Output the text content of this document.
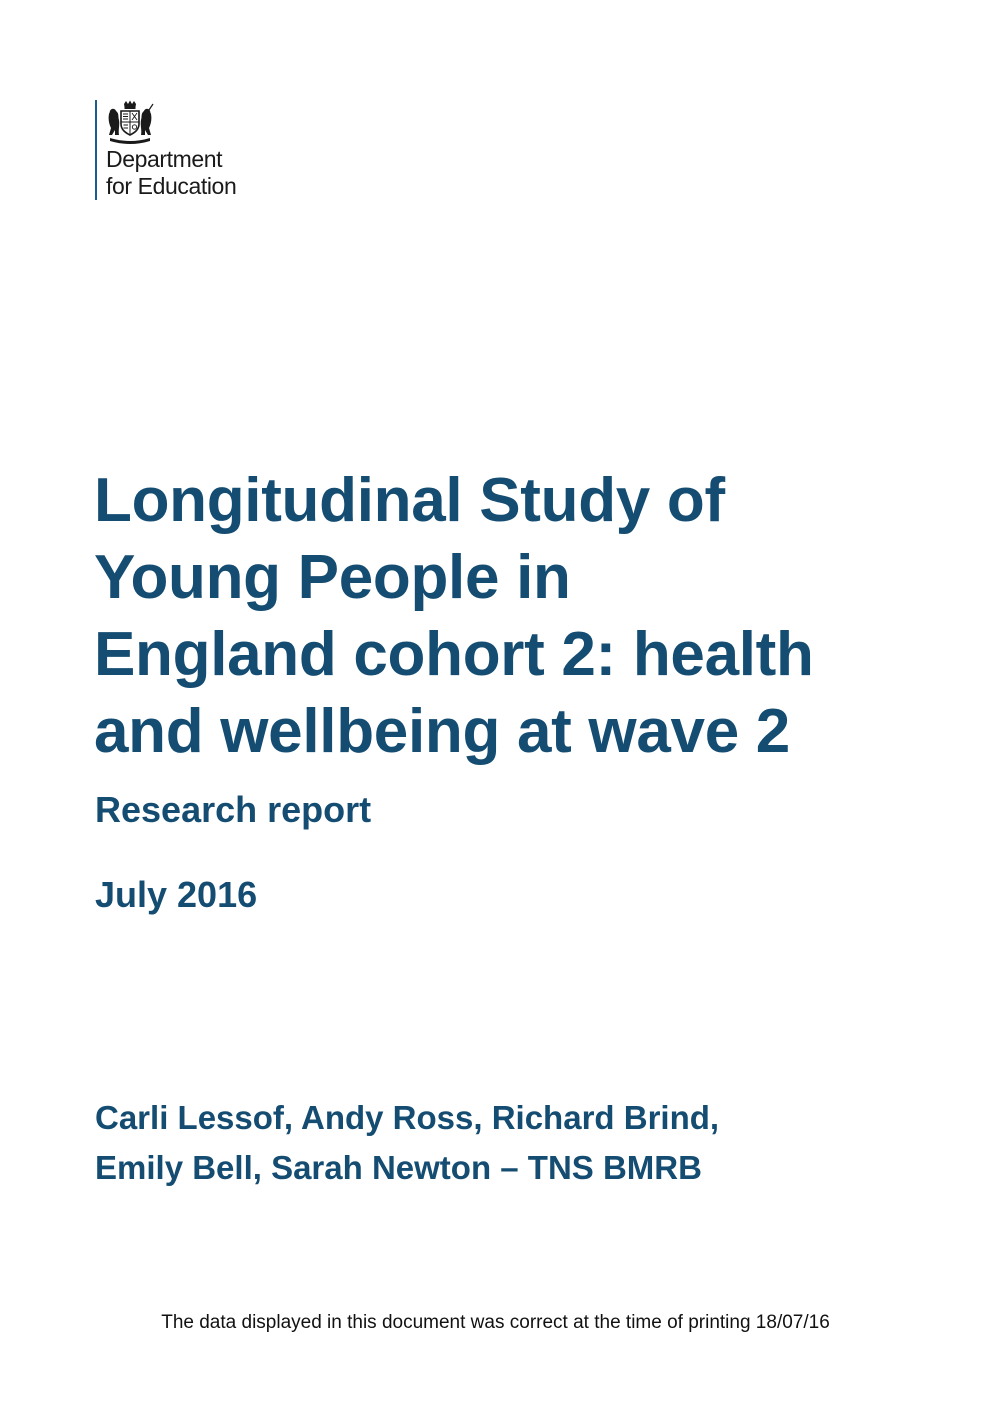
Department
for Education
Longitudinal Study of
Young People in
England cohort 2: health
and wellbeing at wave 2
Research report
July 2016
Carli Lessof, Andy Ross, Richard Brind,
Emily Bell, Sarah Newton – TNS BMRB
The data displayed in this document was correct at the time of printing 18/07/16
